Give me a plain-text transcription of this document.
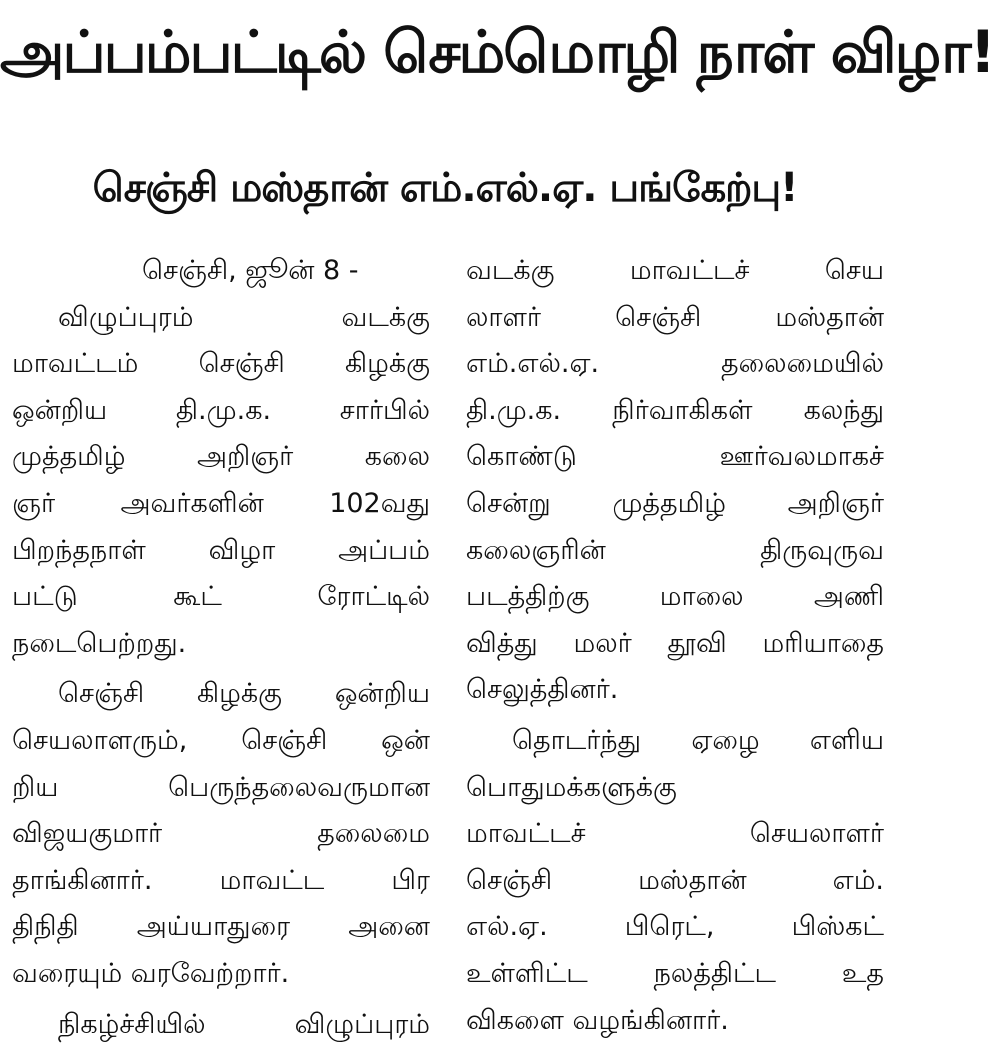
அப்பம்பட்டில் செம்மொழி நாள் விழா!
செஞ்சி மஸ்தான் எம்.எல்.ஏ. பங்கேற்பு!
செஞ்சி, ஜூன் 8 -
விழுப்புரம் வடக்கு
மாவட்டம் செஞ்சி கிழக்கு
ஒன்றிய தி.மு.க. சார்பில்
முத்தமிழ் அறிஞர் கலை
ஞர் அவர்களின் 102வது
பிறந்தநாள் விழா அப்பம்
பட்டு கூட் ரோட்டில்
நடைபெற்றது.
செஞ்சி கிழக்கு ஒன்றிய
செயலாளரும், செஞ்சி ஒன்
றிய பெருந்தலைவருமான
விஜயகுமார் தலைமை
தாங்கினார். மாவட்ட பிர
திநிதி அய்யாதுரை அனை
வரையும் வரவேற்றார்.
நிகழ்ச்சியில் விழுப்புரம்
வடக்கு மாவட்டச் செய
லாளர் செஞ்சி மஸ்தான்
எம்.எல்.ஏ. தலைமையில்
தி.மு.க. நிர்வாகிகள் கலந்து
கொண்டு ஊர்வலமாகச்
சென்று முத்தமிழ் அறிஞர்
கலைஞரின் திருவுருவ
படத்திற்கு மாலை அணி
வித்து மலர் தூவி மரியாதை
செலுத்தினர்.
தொடர்ந்து ஏழை எளிய
பொதுமக்களுக்கு
மாவட்டச் செயலாளர்
செஞ்சி மஸ்தான் எம்.
எல்.ஏ. பிரெட், பிஸ்கட்
உள்ளிட்ட நலத்திட்ட உத
விகளை வழங்கினார்.
